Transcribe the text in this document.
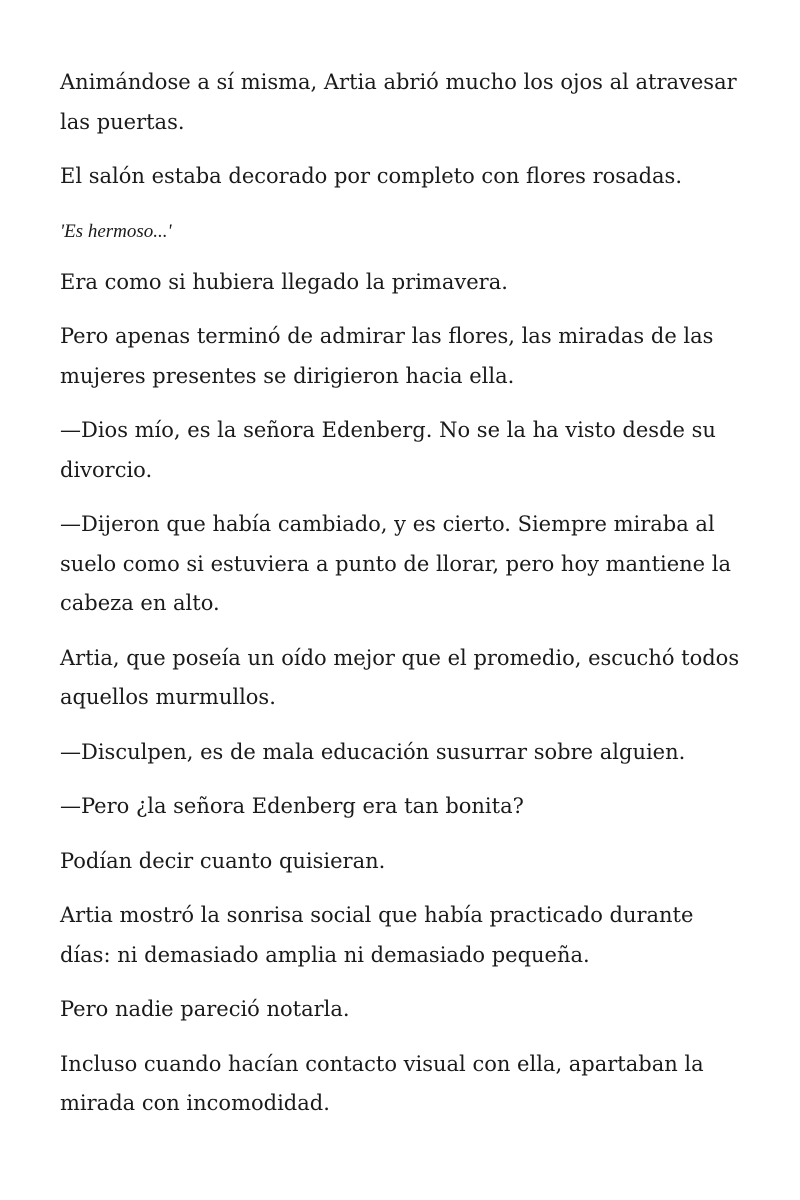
Animándose a sí misma, Artia abrió mucho los ojos al atravesar las puertas.

El salón estaba decorado por completo con flores rosadas.

'Es hermoso...'

Era como si hubiera llegado la primavera.

Pero apenas terminó de admirar las flores, las miradas de las mujeres presentes se dirigieron hacia ella.

—Dios mío, es la señora Edenberg. No se la ha visto desde su divorcio.

—Dijeron que había cambiado, y es cierto. Siempre miraba al suelo como si estuviera a punto de llorar, pero hoy mantiene la cabeza en alto.

Artia, que poseía un oído mejor que el promedio, escuchó todos aquellos murmullos.

—Disculpen, es de mala educación susurrar sobre alguien.

—Pero ¿la señora Edenberg era tan bonita?

Podían decir cuanto quisieran.

Artia mostró la sonrisa social que había practicado durante días: ni demasiado amplia ni demasiado pequeña.

Pero nadie pareció notarla.

Incluso cuando hacían contacto visual con ella, apartaban la mirada con incomodidad.
